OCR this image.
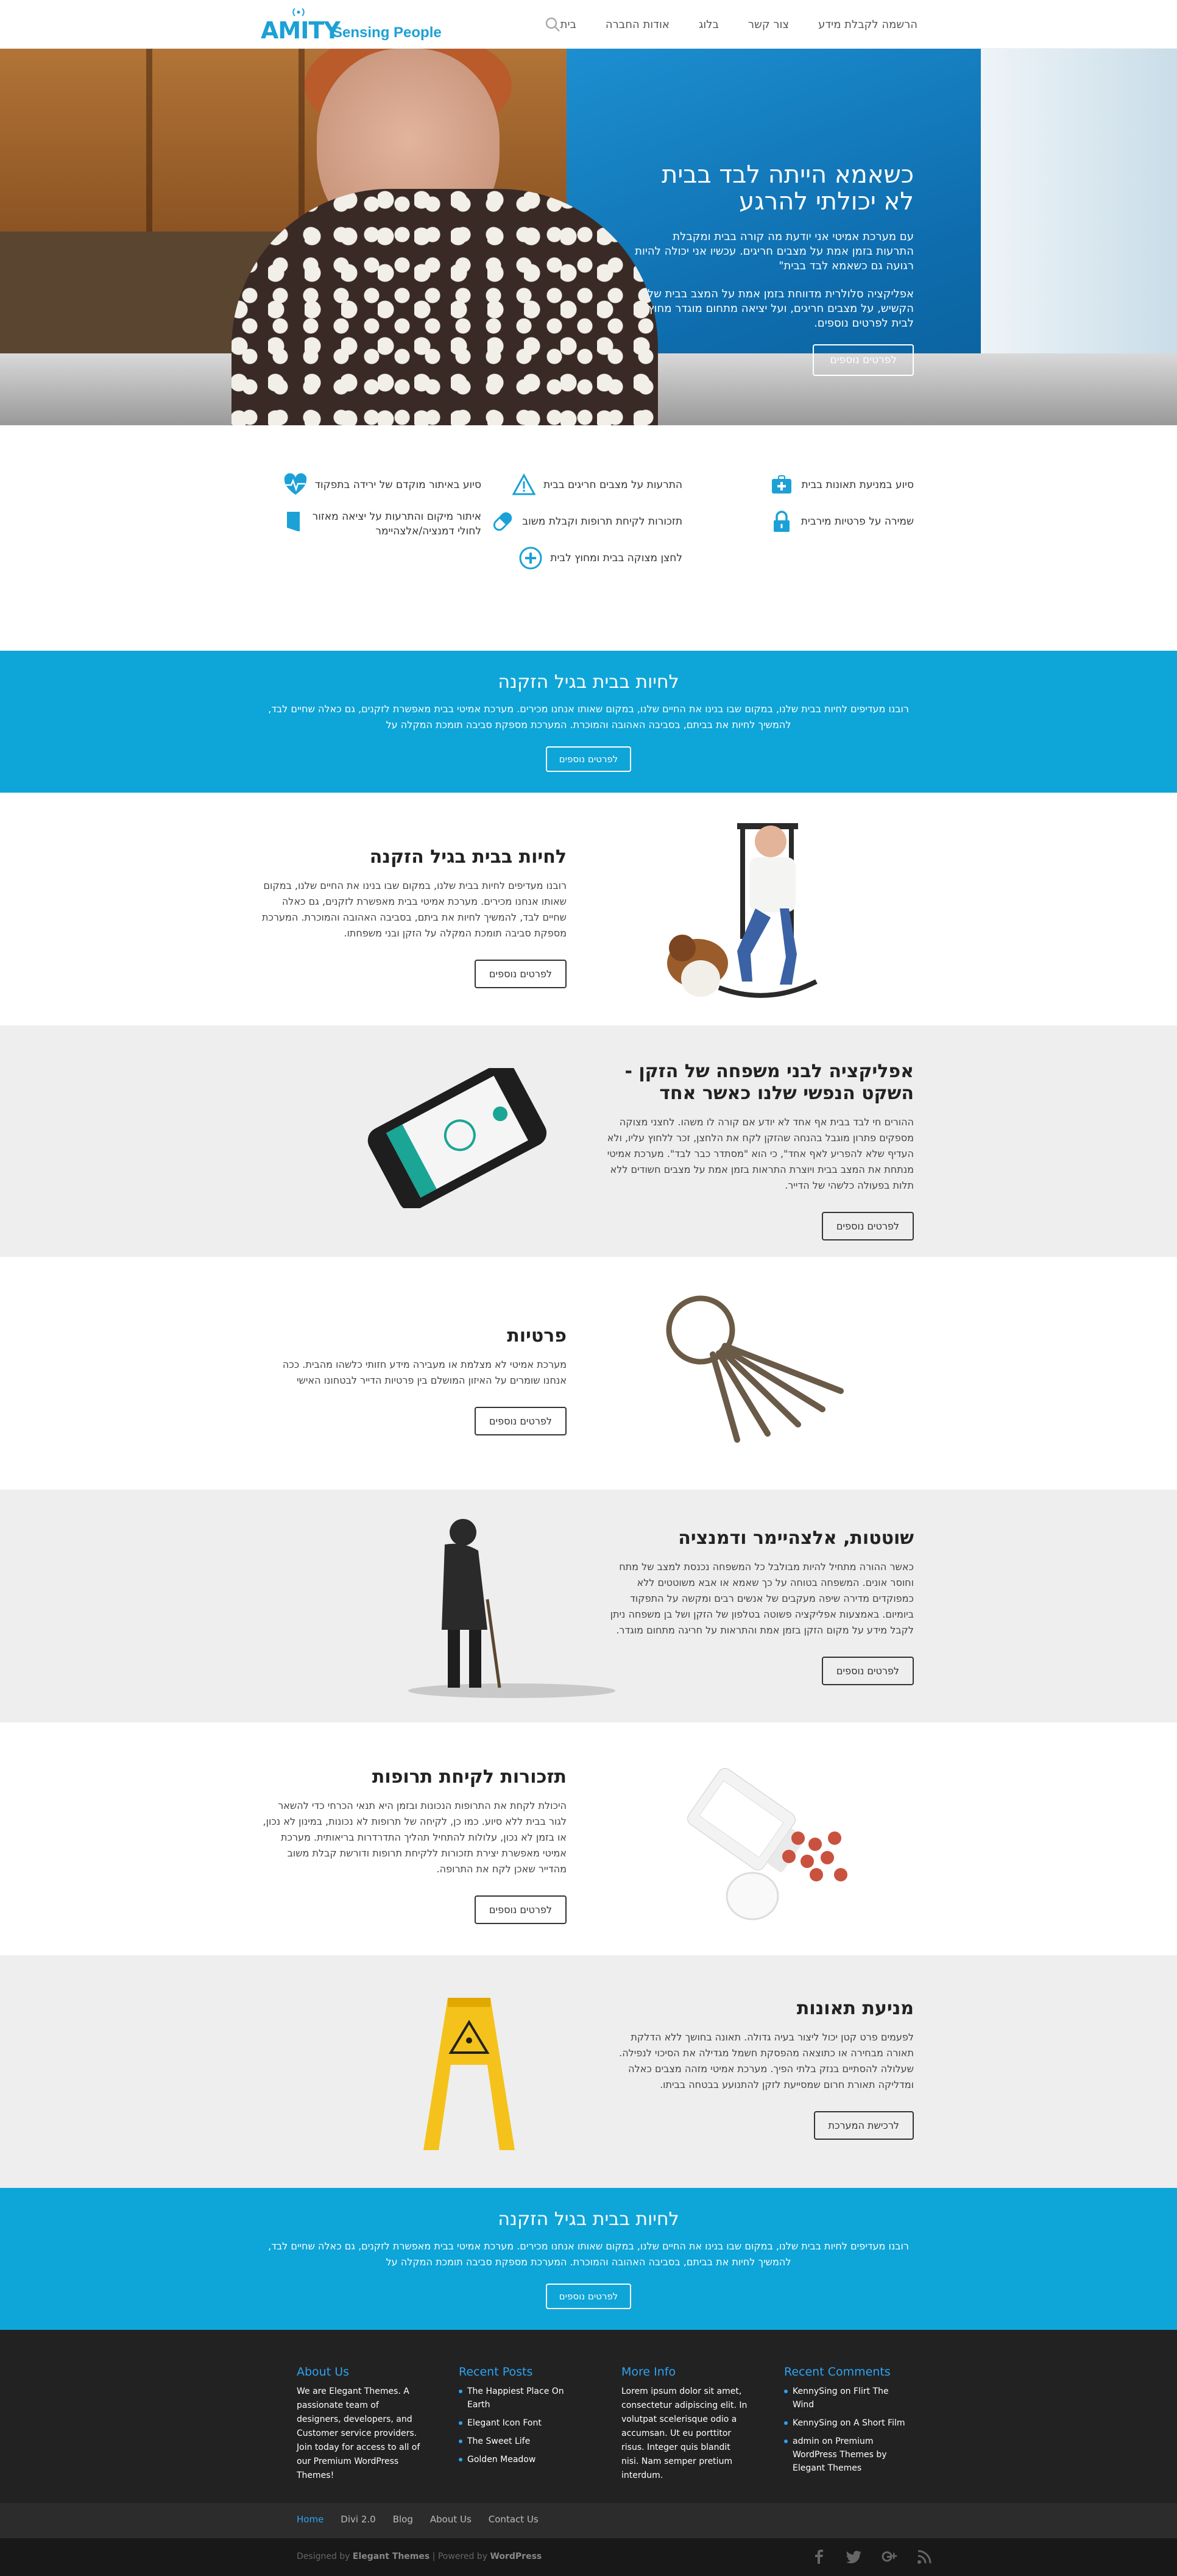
AMITY
Sensing People	בית	אודות החברה	בלוג	צור קשר	הרשמה לקבלת מידע
כשאמא הייתה לבד בבית
לא יכולתי להרגע

עם מערכת אמיטי אני יודעת מה קורה בבית ומקבלת התרעות בזמן אמת על מצבים חריגים. עכשיו אני יכולה להיות רגועה גם כשאמא לבד בבית"

אפליקציה סלולרית מדווחת בזמן אמת על המצב בבית של הקשיש, על מצבים חריגים, ועל יציאה מתחום מוגדר מחוץ לבית לפרטים נוספים.

לפרטים נוספים
סיוע במניעת תאונות בבית
התרעות על מצבים חריגים בבית
סיוע באיתור מוקדם של ירידה בתפקוד
שמירה על פרטיות מירבית
תזכורות לקיחת תרופות וקבלת משוב
איתור מיקום והתרעות על יציאה מאזור
לחולי דמנציה/אלצהיימר
לחצן מצוקה בבית ומחוץ לבית
לחיות בבית בגיל הזקנה

רובנו מעדיפים לחיות בבית שלנו, במקום שבו בנינו את החיים שלנו, במקום שאותו אנחנו מכירים. מערכת אמיטי בבית מאפשרת לזקנים, גם כאלה שחיים לבד, להמשיך לחיות את בביתם, בסביבה האהובה והמוכרת. המערכת מספקת סביבה תומכת המקלה על

לפרטים נוספים
לחיות בבית בגיל הזקנה

רובנו מעדיפים לחיות בבית שלנו, במקום שבו בנינו את החיים שלנו, במקום שאותו אנחנו מכירים. מערכת אמיטי בבית מאפשרת לזקנים, גם כאלה שחיים לבד, להמשיך לחיות את ביתם, בסביבה האהובה והמוכרת. המערכת מספקת סביבה תומכת המקלה על הזקן ובני משפחתו.

לפרטים נוספים
אפליקציה לבני משפחה של הזקן - השקט הנפשי שלנו כאשר אחד

ההורים חי לבד בבית אף אחד לא יודע אם קורה לו משהו. לחצני מצוקה מספקים פתרון מוגבל בהנחה שהזקן לקח את הלחצן, זכר ללחוץ עליו, ולא העדיף שלא להפריע לאף אחד", כי הוא "מסתדר כבר לבד". מערכת אמיטי מנתחת את המצב בבית ויוצרת התראות בזמן אמת על מצבים חשודים ללא תלות בפעולה כלשהי של הדייר.

לפרטים נוספים
פרטיות

מערכת אמיטי לא מצלמת או מעבירה מידע חזותי כלשהו מהבית. ככה אנחנו שומרים על האיזון המושלם בין פרטיות הדייר לבטחונו האישי

לפרטים נוספים
שוטטות, אלצהיימר ודמנציה

כאשר ההורה מתחיל להיות מבולבל כל המשפחה נכנסת למצב של מתח וחוסר אונים. המשפחה בטוחה על כך שאמא או אבא משוטטים ללא כמפוקדים מדירה שיפה מעקבים של אנשים רבים ומקשה על התפקוד ביומיום. באמצעות אפליקציה פשוטה בטלפון של הזקן ושל בן משפחה ניתן לקבל מידע על מקום הזקן בזמן אמת והתראות על חריגה מתחום מוגדר.

לפרטים נוספים
תזכורות לקיחת תרופות

היכולת לקחת את התרופות הנכונות ובזמן היא תנאי הכרחי כדי להשאר לגור בבית ללא סיוע. כמו כן, לקיחה של תרופות לא נכונות, במינון לא נכון, או בזמן לא נכון, עלולות להתחיל תהליך התדרדרות בריאותית. מערכת אמיטי מאפשרת יצירת תזכורות ללקיחת תרופות ודורשת קבלת משוב מהדייר שאכן לקח את התרופה.

לפרטים נוספים
מניעת תאונות

לפעמים פרט קטן יכול ליצור בעיה גדולה. תאונה בחושך ללא הדלקת תאורה מבחירה או כתוצאה מהפסקת חשמל מגדילה את הסיכוי לנפילה. שעלולה להסתיים בנזק בלתי הפיך. מערכת אמיטי מזהה מצבים כאלה ומדליקה תאורת חרום שמסייעת לזקן להתנועע בבטחה בביתו.

לרכישת המערכת
לחיות בבית בגיל הזקנה

רובנו מעדיפים לחיות בבית שלנו, במקום שבו בנינו את החיים שלנו, במקום שאותו אנחנו מכירים. מערכת אמיטי בבית מאפשרת לזקנים, גם כאלה שחיים לבד, להמשיך לחיות את בביתם, בסביבה האהובה והמוכרת. המערכת מספקת סביבה תומכת המקלה על

לפרטים נוספים
About Us

We are Elegant Themes. A passionate team of designers, developers, and Customer service providers. Join today for access to all of our Premium WordPress Themes!

Recent Posts
The Happiest Place On Earth
Elegant Icon Font
The Sweet Life
Golden Meadow
More Info

Lorem ipsum dolor sit amet, consectetur adipiscing elit. In volutpat scelerisque odio a accumsan. Ut eu porttitor risus. Integer quis blandit nisi. Nam semper pretium interdum.

Recent Comments
KennySing on Flirt The Wind
KennySing on A Short Film
admin on Premium WordPress Themes by Elegant Themes
Home Divi 2.0 Blog About Us Contact Us
Designed by Elegant Themes | Powered by WordPress
